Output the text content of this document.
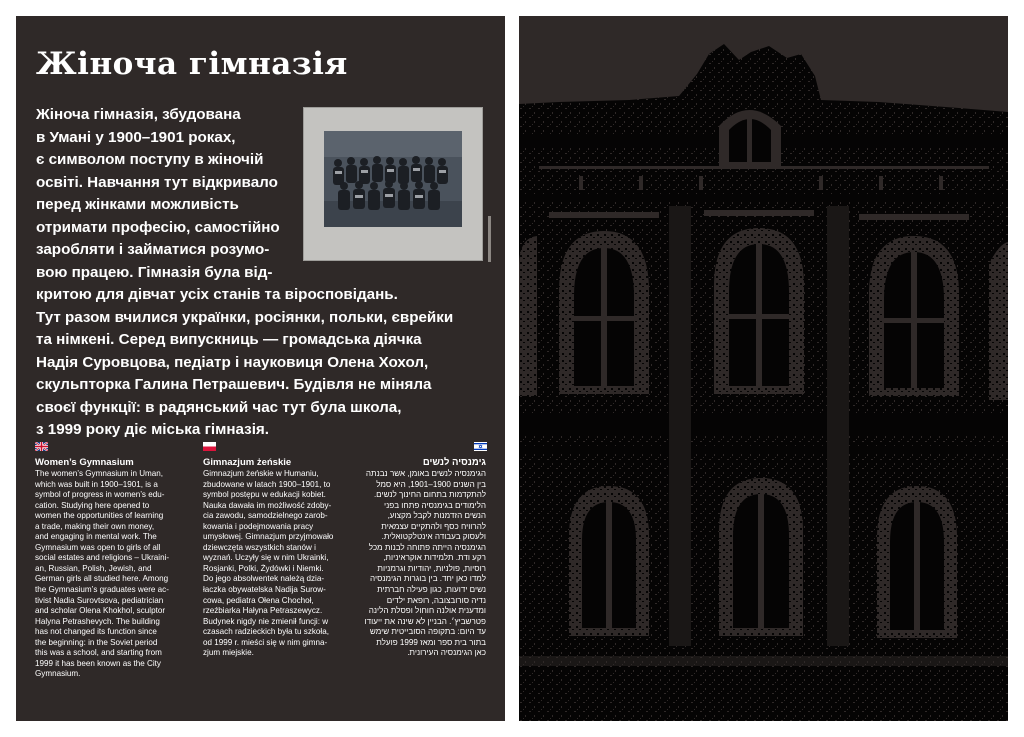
Жіноча гімназія
Жіноча гімназія, збудована
в Умані у 1900–1901 роках,
є символом поступу в жіночій
освіті. Навчання тут відкривало
перед жінками можливість
отримати професію, самостійно
заробляти і займатися розумо-
вою працею. Гімназія була від-
критою для дівчат усіх станів та віросповідань.
Тут разом вчилися українки, росіянки, польки, єврейки
та німкені. Серед випускниць — громадська діячка
Надія Суровцова, педіатр і науковиця Олена Хохол,
скульпторка Галина Петрашевич. Будівля не міняла
своєї функції: в радянський час тут була школа,
з 1999 року діє міська гімназія.
Women’s Gymnasium
The women’s Gymnasium in Uman,
which was built in 1900–1901, is a
symbol of progress in women’s edu-
cation. Studying here opened to
women the opportunities of learning
a trade, making their own money,
and engaging in mental work. The
Gymnasium was open to girls of all
social estates and religions – Ukraini-
an, Russian, Polish, Jewish, and
German girls all studied here. Among
the Gymnasium’s graduates were ac-
tivist Nadia Surovtsova, pediatrician
and scholar Olena Khokhol, sculptor
Halyna Petrashevych. The building
has not changed its function since
the beginning: in the Soviet period
this was a school, and starting from
1999 it has been known as the City
Gymnasium.
Gimnazjum żeńskie
Gimnazjum żeńskie w Humaniu,
zbudowane w latach 1900–1901, to
symbol postępu w edukacji kobiet.
Nauka dawała im możliwość zdoby-
cia zawodu, samodzielnego zarob-
kowania i podejmowania pracy
umysłowej. Gimnazjum przyjmowało
dziewczęta wszystkich stanów i
wyznań. Uczyły się w nim Ukrainki,
Rosjanki, Polki, Żydówki i Niemki.
Do jego absolwentek należą dzia-
łaczka obywatelska Nadija Surow-
cowa, pediatra Ołena Chochoł,
rzeźbiarka Hałyna Petraszewycz.
Budynek nigdy nie zmienił funcji: w
czasach radzieckich była tu szkoła,
od 1999 r. mieści się w nim gimna-
zjum miejskie.
גימנסיה לנשים
הגימנסיה לנשים באומן, אשר נבנתה
בין השנים 1900–1901, היא סמל
להתקדמות בתחום החינוך לנשים.
הלימודים בגימנסיה פתחו בפני
הנשים הזדמנות לקבל מקצוע,
להרוויח כסף ולהתקיים עצמאית
ולעסוק בעבודה אינטלקטואלית.
הגימנסיה הייתה פתוחה לבנות מכל
רקע ודת. תלמידות אוקראיניות,
רוסיות, פולניות, יהודיות וגרמניות
למדו כאן יחד. בין בוגרות הגימנסיה
נשים ידועות, כגון פעילה חברתית
נדיה סורובצובה, רופאת ילדים
ומדענית אולנה חוחול ופסלת הלינה
פטרשביץ׳. הבניין לא שינה את ייעודו
עד היום: בתקופה הסובייטית שימש
בתור בית ספר ומאז 1999 פועלת
כאן הגימנסיה העירונית.
